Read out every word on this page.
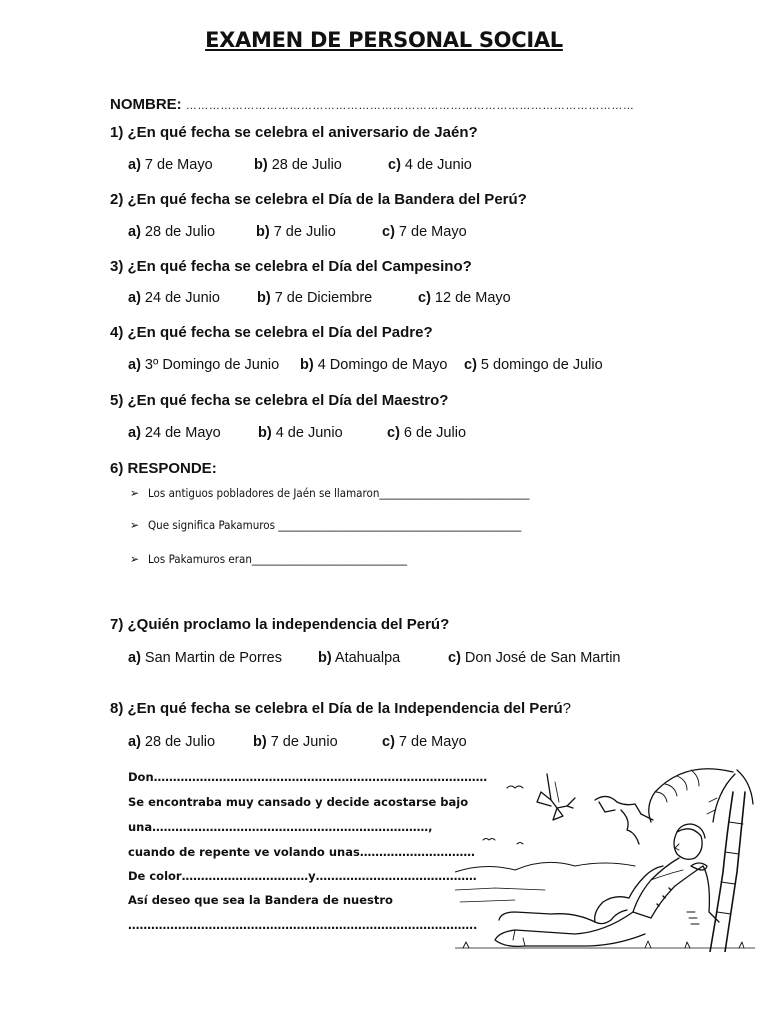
EXAMEN DE PERSONAL SOCIAL
NOMBRE: ………………………………………………………………………………………………………
1) ¿En qué fecha se celebra el aniversario de Jaén?
a) 7 de Mayo	b) 28 de Julio	c) 4 de Junio
2) ¿En qué fecha se celebra el Día de la Bandera del Perú?
a) 28 de Julio	b) 7 de Julio	c) 7 de Mayo
3) ¿En qué fecha se celebra el Día del Campesino?
a) 24 de Junio	b) 7 de Diciembre	c) 12 de Mayo
4) ¿En qué fecha se celebra el Día del Padre?
a) 3º Domingo de Junio b) 4 Domingo de Mayo c) 5 domingo de Julio
5) ¿En qué fecha se celebra el Día del Maestro?
a) 24 de Mayo	b) 4 de Junio	c) 6 de Julio
6) RESPONDE:
➢ Los antiguos pobladores de Jaén se llamaron_____________________________
➢ Que significa Pakamuros _______________________________________________
➢ Los Pakamuros eran______________________________
7) ¿Quién proclamo la independencia del Perú?
a) San Martin de Porres b) Atahualpa	c) Don José de San Martin
8) ¿En qué fecha se celebra el Día de la Independencia del Perú?
a) 28 de Julio	b) 7 de Junio	c) 7 de Mayo
Don……………………………………………………………………………
Se encontraba muy cansado y decide acostarse bajo
una………………………………………………………………,
cuando de repente ve volando unas…………………………
De color……………………………y……………………………………
Así deseo que sea la Bandera de nuestro
……………………………………………………………………………….
